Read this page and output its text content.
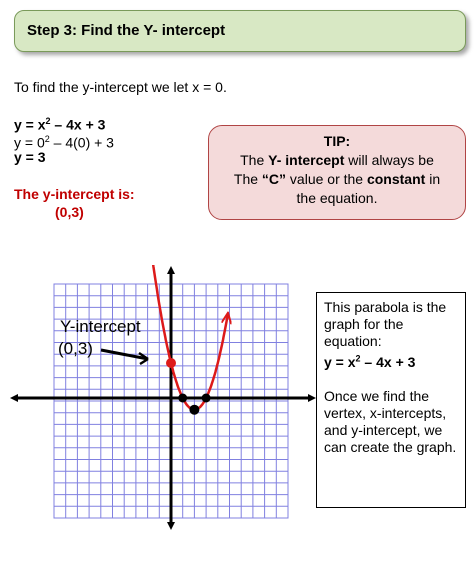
Step 3: Find the Y- intercept
To find the y-intercept we let x = 0.
$y = x^2 - 4x + 3$
$y = 0^2 - 4(0) + 3$
y = 3
The y-intercept is:
(0,3)
TIP:
The Y- intercept will always be
The “C” value or the constant in
the equation.
Y-intercept
(0,3)

This parabola is the graph for the equation:
$y = x^2 - 4x + 3$

Once we find the vertex, x-intercepts, and y-intercept, we can create the graph.
